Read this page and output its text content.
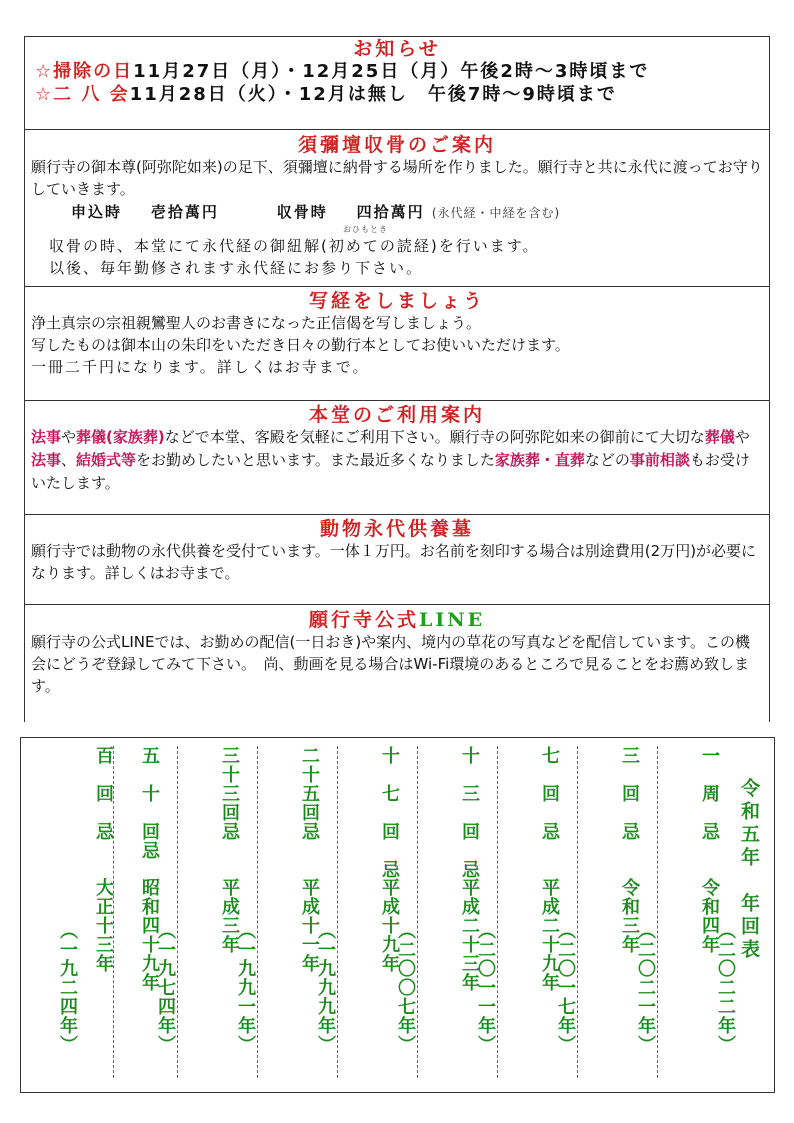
お知らせ
☆掃除の日11月27日（月）・12月25日（月）午後2時〜3時頃まで
☆二 八 会11月28日（火）・12月は無し　午後7時〜9時頃まで
須彌壇収骨のご案内
願行寺の御本尊(阿弥陀如来)の足下、須彌壇に納骨する場所を作りました。願行寺と共に永代に渡ってお守りしていきます。
申込時 壱拾萬円	収骨時 四拾萬円 (永代経・中経を含む)
おひもとき
収骨の時、本堂にて永代経の御紐解(初めての読経)を行います。
以後、毎年勤修されます永代経にお参り下さい。
写経をしましょう
浄土真宗の宗祖親鸞聖人のお書きになった正信偈を写しましょう。
写したものは御本山の朱印をいただき日々の勤行本としてお使いいただけます。
一冊二千円になります。詳しくはお寺まで。
本堂のご利用案内
法事や葬儀(家族葬)などで本堂、客殿を気軽にご利用下さい。願行寺の阿弥陀如来の御前にて大切な葬儀や法事、結婚式等をお勤めしたいと思います。また最近多くなりました家族葬・直葬などの事前相談もお受けいたします。
動物永代供養墓
願行寺では動物の永代供養を受付ています。一体１万円。お名前を刻印する場合は別途費用(2万円)が必要になります。詳しくはお寺まで。
願行寺公式LINE
願行寺の公式LINEでは、お勤めの配信(一日おき)や案内、境内の草花の写真などを配信しています。この機会にどうぞ登録してみて下さい。　尚、動画を見る場合はWi-Fi環境のあるところで見ることをお薦め致します。
令和五年　年回表
一　周　忌
令和四年
（二〇二二年）
三　回　忌
令和三年
（二〇二一年）
七　回　忌
平成二十九年
（二〇一七年）
十　三　回　忌
平成二十三年
（二〇一一年）
十　七　回　忌
平成十九年
（二〇〇七年）
二十五回忌
平成十一年
（一九九九年）
三十三回忌
平成三年
（一九九一年）
五　十　回忌
昭和四十九年
（一九七四年）
百　回　忌
大正十三年
（一九二四年）
